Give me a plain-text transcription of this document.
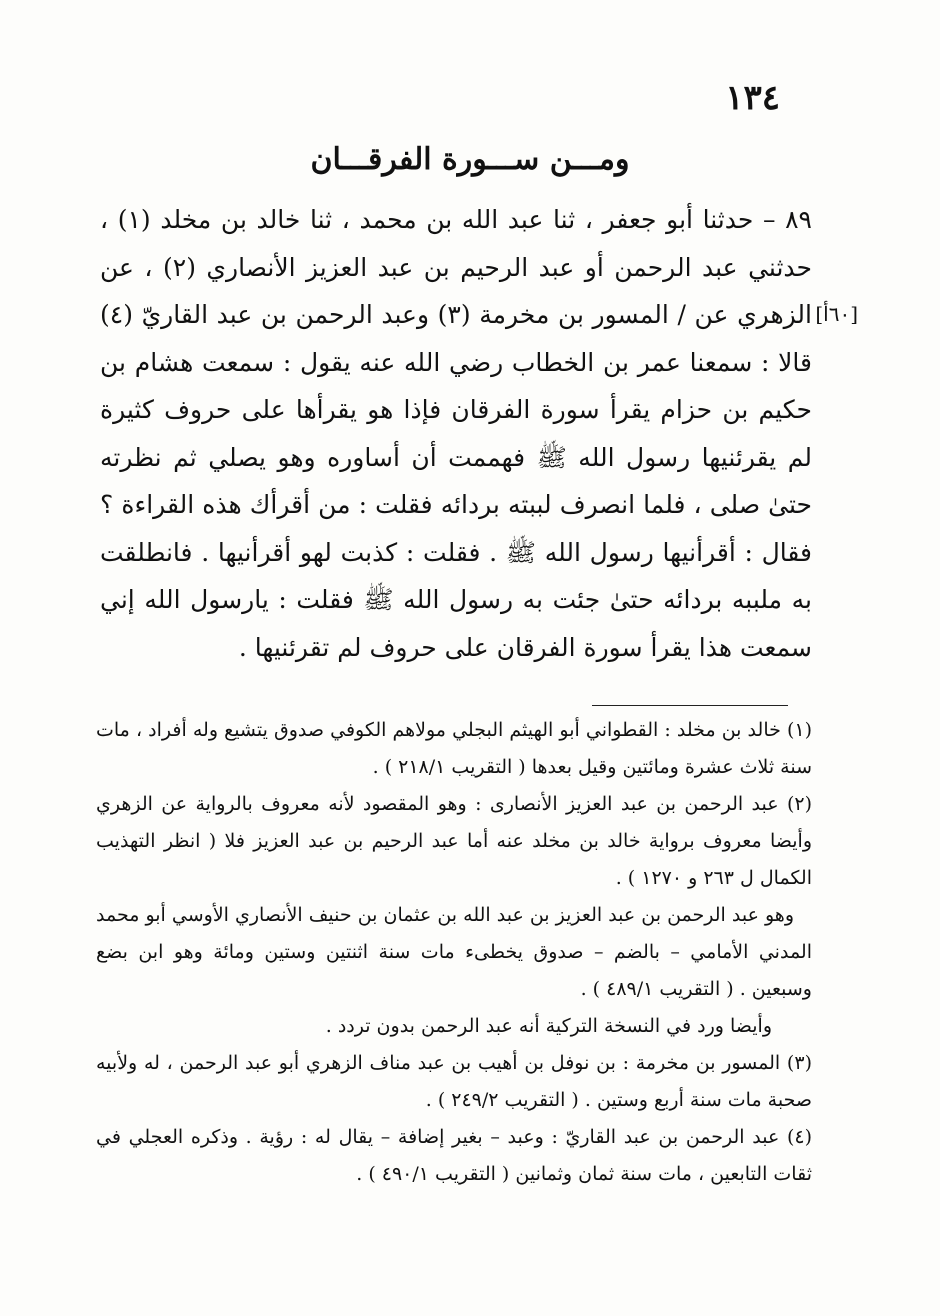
١٣٤
ومـــن ســـورة الفرقـــان
[٦٠أ]

٨٩ – حدثنا أبو جعفر ، ثنا عبد الله بن محمد ، ثنا خالد بن مخلد (١) ، حدثني عبد الرحمن أو عبد الرحيم بن عبد العزيز الأنصاري (٢) ، عن الزهري عن / المسور بن مخرمة (٣) وعبد الرحمن بن عبد القاريّ (٤) قالا : سمعنا عمر بن الخطاب رضي الله عنه يقول : سمعت هشام بن حكيم بن حزام يقرأ سورة الفرقان فإذا هو يقرأها على حروف كثيرة لم يقرئنيها رسول الله ﷺ فهممت أن أساوره وهو يصلي ثم نظرته حتىٰ صلى ، فلما انصرف لببته بردائه فقلت : من أقرأك هذه القراءة ؟ فقال : أقرأنيها رسول الله ﷺ . فقلت : كذبت لهو أقرأنيها . فانطلقت به ملببه بردائه حتىٰ جئت به رسول الله ﷺ فقلت : يارسول الله إني سمعت هذا يقرأ سورة الفرقان على حروف لم تقرئنيها .

(١) خالد بن مخلد : القطواني أبو الهيثم البجلي مولاهم الكوفي صدوق يتشيع وله أفراد ، مات سنة ثلاث عشرة ومائتين وقيل بعدها ( التقريب ٢١٨/١ ) .

(٢) عبد الرحمن بن عبد العزيز الأنصارى : وهو المقصود لأنه معروف بالرواية عن الزهري وأيضا معروف برواية خالد بن مخلد عنه أما عبد الرحيم بن عبد العزيز فلا ( انظر التهذيب الكمال ل ٢٦٣ و ١٢٧٠ ) .

وهو عبد الرحمن بن عبد العزيز بن عبد الله بن عثمان بن حنيف الأنصاري الأوسي أبو محمد المدني الأمامي – بالضم – صدوق يخطىء مات سنة اثنتين وستين ومائة وهو ابن بضع وسبعين . ( التقريب ٤٨٩/١ ) .

وأيضا ورد في النسخة التركية أنه عبد الرحمن بدون تردد .

(٣) المسور بن مخرمة : بن نوفل بن أهيب بن عبد مناف الزهري أبو عبد الرحمن ، له ولأبيه صحبة مات سنة أربع وستين . ( التقريب ٢٤٩/٢ ) .

(٤) عبد الرحمن بن عبد القاريّ : وعبد – بغير إضافة – يقال له : رؤية . وذكره العجلي في ثقات التابعين ، مات سنة ثمان وثمانين ( التقريب ٤٩٠/١ ) .
